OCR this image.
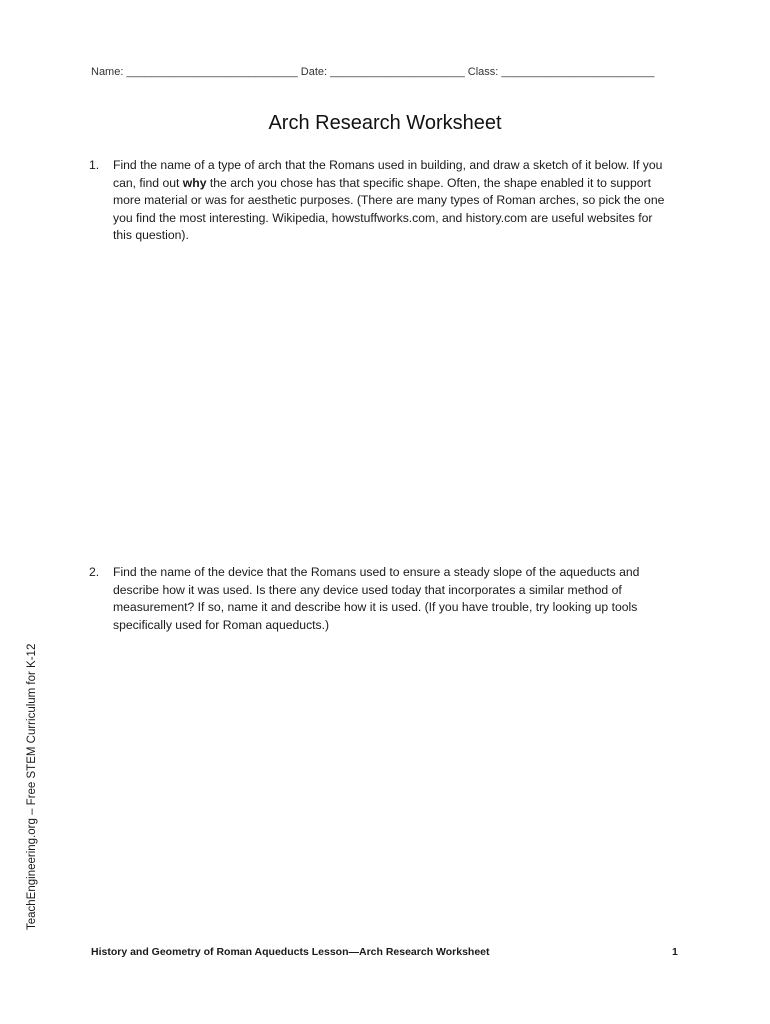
Name: ____________________________ Date: ______________________ Class: _________________________
Arch Research Worksheet
1. Find the name of a type of arch that the Romans used in building, and draw a sketch of it below. If you can, find out why the arch you chose has that specific shape. Often, the shape enabled it to support more material or was for aesthetic purposes. (There are many types of Roman arches, so pick the one you find the most interesting. Wikipedia, howstuffworks.com, and history.com are useful websites for this question).
2. Find the name of the device that the Romans used to ensure a steady slope of the aqueducts and describe how it was used. Is there any device used today that incorporates a similar method of measurement? If so, name it and describe how it is used. (If you have trouble, try looking up tools specifically used for Roman aqueducts.)
TeachEngineering.org – Free STEM Curriculum for K-12
History and Geometry of Roman Aqueducts Lesson—Arch Research Worksheet	1
